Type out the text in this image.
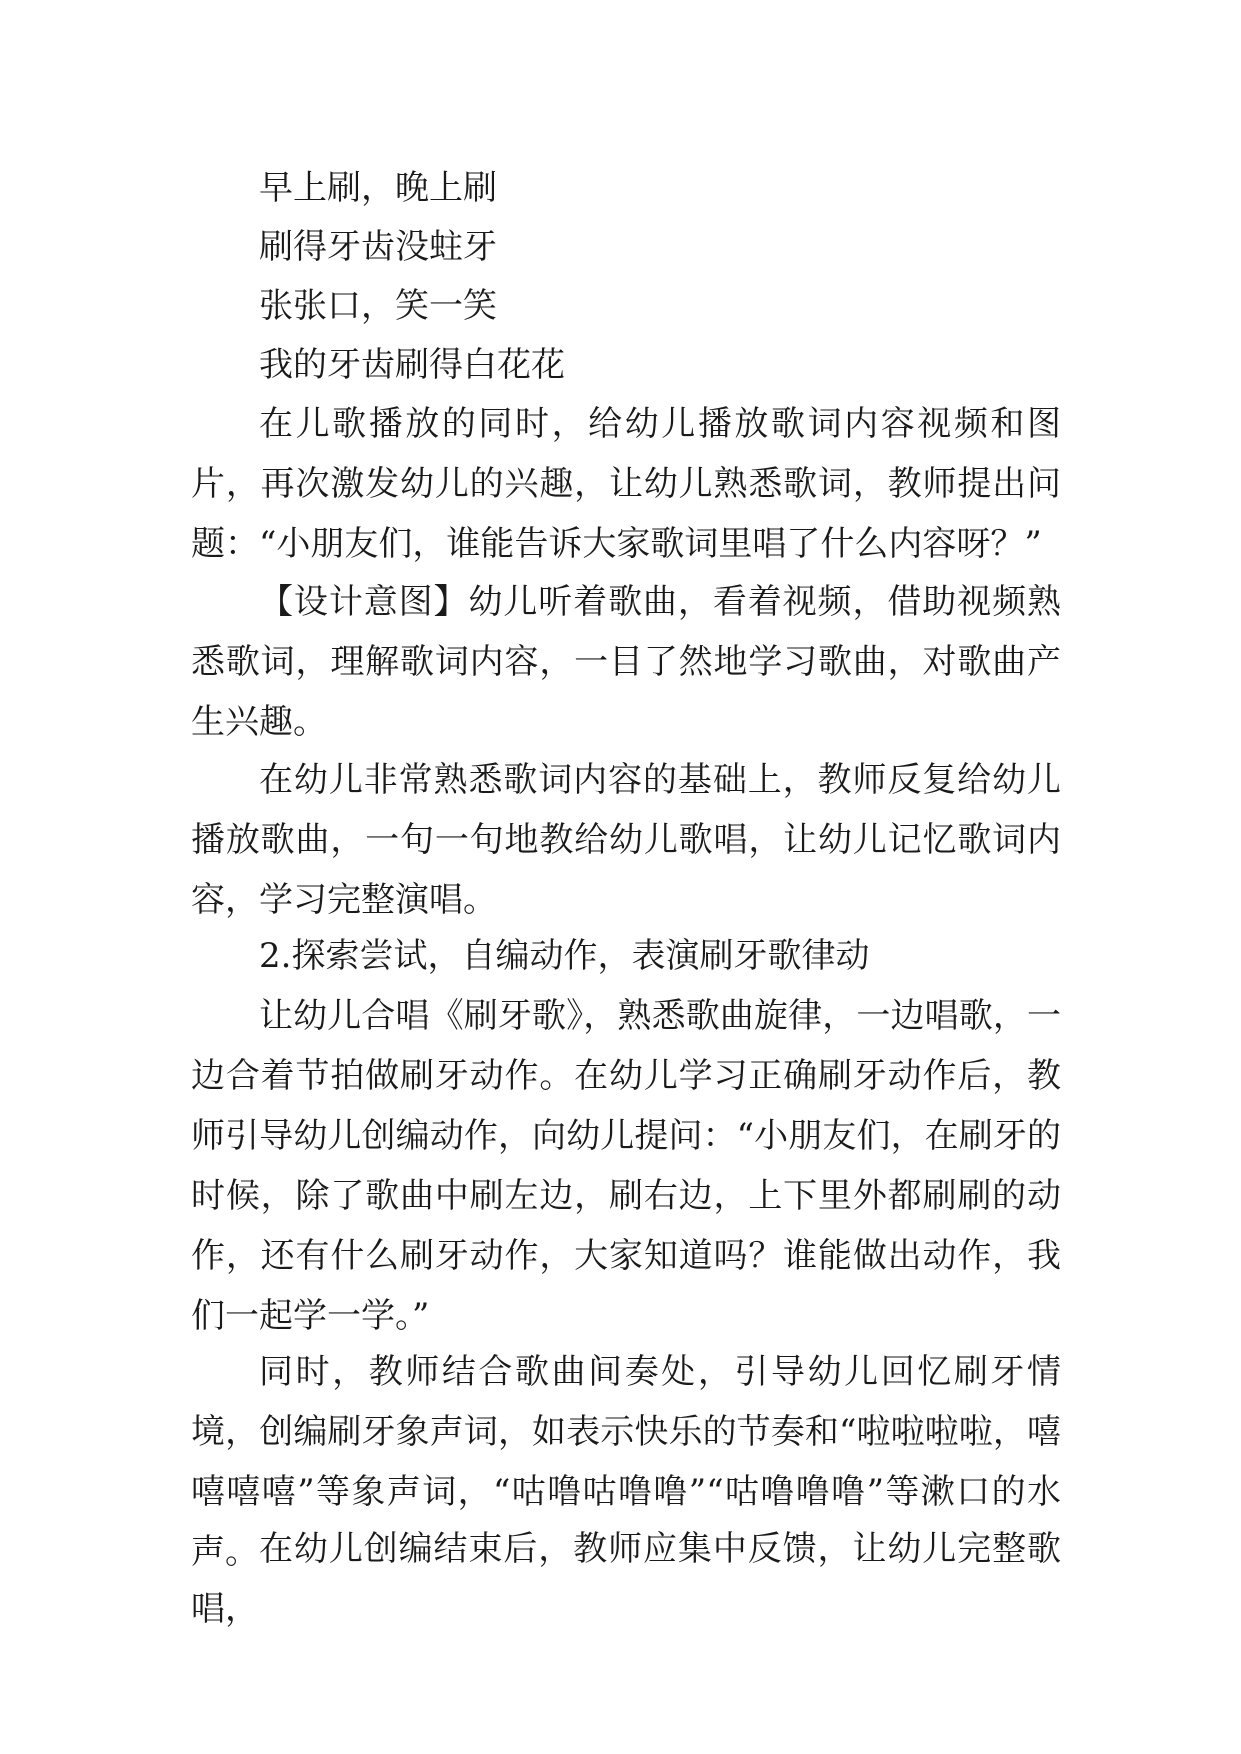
早上刷，晚上刷

刷得牙齿没蛀牙

张张口，笑一笑

我的牙齿刷得白花花

在儿歌播放的同时，给幼儿播放歌词内容视频和图片，再次激发幼儿的兴趣，让幼儿熟悉歌词，教师提出问题：“小朋友们，谁能告诉大家歌词里唱了什么内容呀？”

【设计意图】幼儿听着歌曲，看着视频，借助视频熟悉歌词，理解歌词内容，一目了然地学习歌曲，对歌曲产生兴趣。

在幼儿非常熟悉歌词内容的基础上，教师反复给幼儿播放歌曲，一句一句地教给幼儿歌唱，让幼儿记忆歌词内容，学习完整演唱。

2.探索尝试，自编动作，表演刷牙歌律动

让幼儿合唱《刷牙歌》，熟悉歌曲旋律，一边唱歌，一边合着节拍做刷牙动作。在幼儿学习正确刷牙动作后，教师引导幼儿创编动作，向幼儿提问：“小朋友们，在刷牙的时候，除了歌曲中刷左边，刷右边，上下里外都刷刷的动作，还有什么刷牙动作，大家知道吗？谁能做出动作，我们一起学一学。”

同时，教师结合歌曲间奏处，引导幼儿回忆刷牙情境，创编刷牙象声词，如表示快乐的节奏和“啦啦啦啦，嘻嘻嘻嘻”等象声词，“咕噜咕噜噜”“咕噜噜噜”等漱口的水声。 在幼儿创编结束后，教师应集中反馈，让幼儿完整歌唱，
